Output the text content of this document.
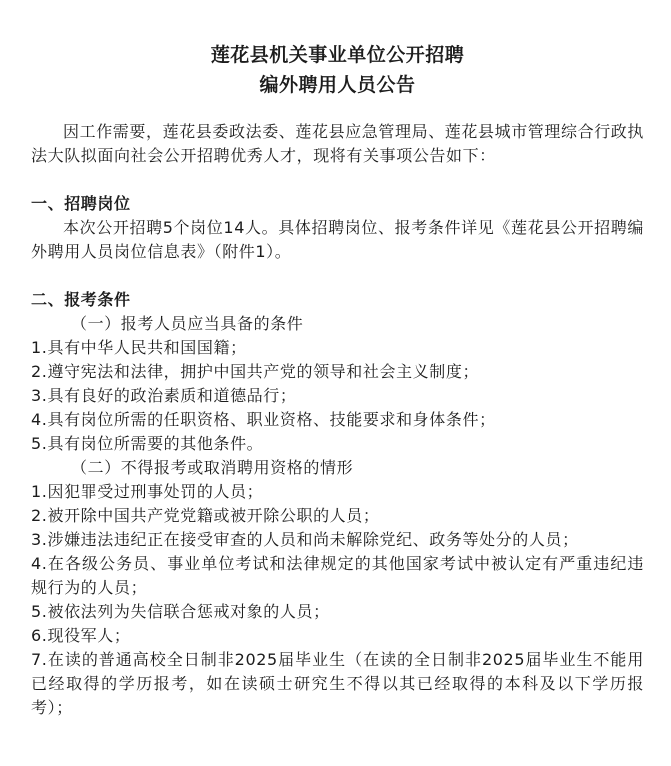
莲花县机关事业单位公开招聘
编外聘用人员公告

因工作需要，莲花县委政法委、莲花县应急管理局、莲花县城市管理综合行政执法大队拟面向社会公开招聘优秀人才，现将有关事项公告如下：

一、招聘岗位

本次公开招聘5个岗位14人。具体招聘岗位、报考条件详见《莲花县公开招聘编外聘用人员岗位信息表》（附件1）。

二、报考条件

（一）报考人员应当具备的条件

1.具有中华人民共和国国籍；

2.遵守宪法和法律，拥护中国共产党的领导和社会主义制度；

3.具有良好的政治素质和道德品行；

4.具有岗位所需的任职资格、职业资格、技能要求和身体条件；

5.具有岗位所需要的其他条件。

（二）不得报考或取消聘用资格的情形

1.因犯罪受过刑事处罚的人员；

2.被开除中国共产党党籍或被开除公职的人员；

3.涉嫌违法违纪正在接受审查的人员和尚未解除党纪、政务等处分的人员；

4.在各级公务员、事业单位考试和法律规定的其他国家考试中被认定有严重违纪违规行为的人员；

5.被依法列为失信联合惩戒对象的人员；

6.现役军人；

7.在读的普通高校全日制非2025届毕业生（在读的全日制非2025届毕业生不能用已经取得的学历报考，如在读硕士研究生不得以其已经取得的本科及以下学历报考）；
